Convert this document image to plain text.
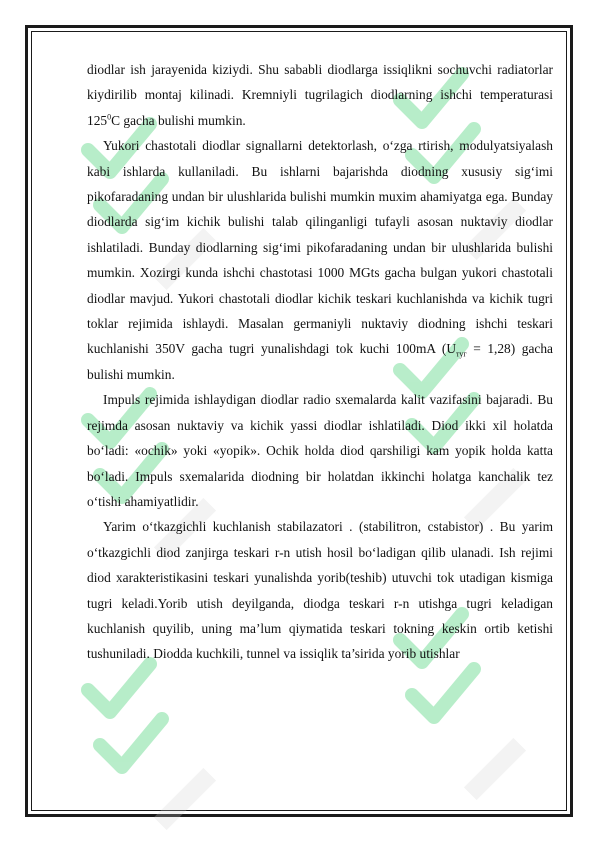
diodlar ish jarayenida kiziydi. Shu sababli diodlarga issiqlikni sochuvchi radiatorlar kiydirilib montaj kilinadi. Kremniyli tugrilagich diodlarning ishchi temperaturasi $125^0C$ gacha bulishi mumkin.

Yukori chastotali diodlar signallarni detektorlash, o‘zga rtirish, modulyatsiyalash kabi ishlarda kullaniladi. Bu ishlarni bajarishda diodning xususiy sig‘imi pikofaradaning undan bir ulushlarida bulishi mumkin muxim ahamiyatga ega. Bunday diodlarda sig‘im kichik bulishi talab qilinganligi tufayli asosan nuktaviy diodlar ishlatiladi. Bunday diodlarning sig‘imi pikofaradaning undan bir ulushlarida bulishi mumkin. Xozirgi kunda ishchi chastotasi 1000 MGts gacha bulgan yukori chastotali diodlar mavjud. Yukori chastotali diodlar kichik teskari kuchlanishda va kichik tugri toklar rejimida ishlaydi. Masalan germaniyli nuktaviy diodning ishchi teskari kuchlanishi 350V gacha tugri yunalishdagi tok kuchi 100mA $(U_{туг} = 1,28)$ gacha bulishi mumkin.

Impuls rejimida ishlaydigan diodlar radio sxemalarda kalit vazifasini bajaradi. Bu rejimda asosan nuktaviy va kichik yassi diodlar ishlatiladi. Diod ikki xil holatda bo‘ladi: «ochik» yoki «yopik». Ochik holda diod qarshiligi kam yopik holda katta bo‘ladi. Impuls sxemalarida diodning bir holatdan ikkinchi holatga kanchalik tez o‘tishi ahamiyatlidir.

Yarim o‘tkazgichli kuchlanish stabilazatori . (stabilitron, cstabistor) . Bu yarim o‘tkazgichli diod zanjirga teskari r-n utish hosil bo‘ladigan qilib ulanadi. Ish rejimi diod xarakteristikasini teskari yunalishda yorib(teshib) utuvchi tok utadigan kismiga tugri keladi.Yorib utish deyilganda, diodga teskari r-n utishga tugri keladigan kuchlanish quyilib, uning ma’lum qiymatida teskari tokning keskin ortib ketishi tushuniladi. Diodda kuchkili, tunnel va issiqlik ta’sirida yorib utishlar
